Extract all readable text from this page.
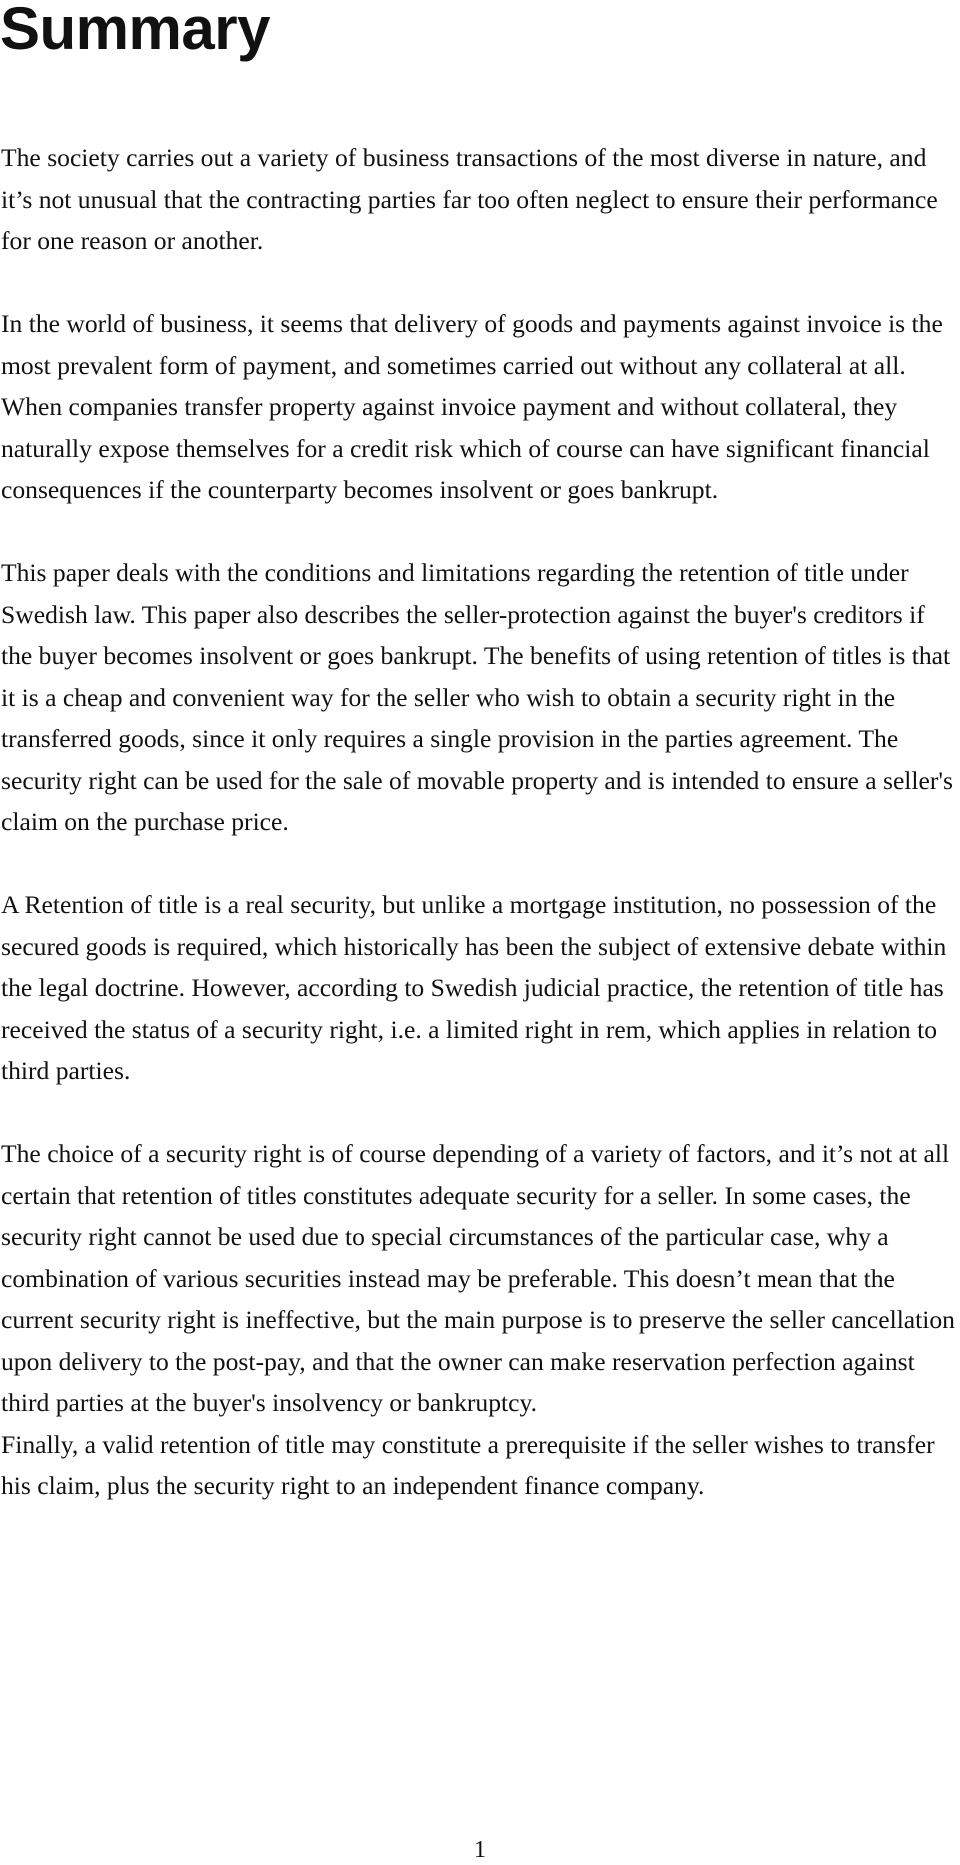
Summary

The society carries out a variety of business transactions of the most diverse in nature, and it’s not unusual that the contracting parties far too often neglect to ensure their performance for one reason or another.

In the world of business, it seems that delivery of goods and payments against invoice is the most prevalent form of payment, and sometimes carried out without any collateral at all. When companies transfer property against invoice payment and without collateral, they naturally expose themselves for a credit risk which of course can have significant financial consequences if the counterparty becomes insolvent or goes bankrupt.

This paper deals with the conditions and limitations regarding the retention of title under Swedish law. This paper also describes the seller-protection against the buyer's creditors if the buyer becomes insolvent or goes bankrupt. The benefits of using retention of titles is that it is a cheap and convenient way for the seller who wish to obtain a security right in the transferred goods, since it only requires a single provision in the parties agreement. The security right can be used for the sale of movable property and is intended to ensure a seller's claim on the purchase price.

A Retention of title is a real security, but unlike a mortgage institution, no possession of the secured goods is required, which historically has been the subject of extensive debate within the legal doctrine. However, according to Swedish judicial practice, the retention of title has received the status of a security right, i.e. a limited right in rem, which applies in relation to third parties.

The choice of a security right is of course depending of a variety of factors, and it’s not at all certain that retention of titles constitutes adequate security for a seller. In some cases, the security right cannot be used due to special circumstances of the particular case, why a combination of various securities instead may be preferable. This doesn’t mean that the current security right is ineffective, but the main purpose is to preserve the seller cancellation upon delivery to the post-pay, and that the owner can make reservation perfection against third parties at the buyer's insolvency or bankruptcy.

Finally, a valid retention of title may constitute a prerequisite if the seller wishes to transfer his claim, plus the security right to an independent finance company.

1
